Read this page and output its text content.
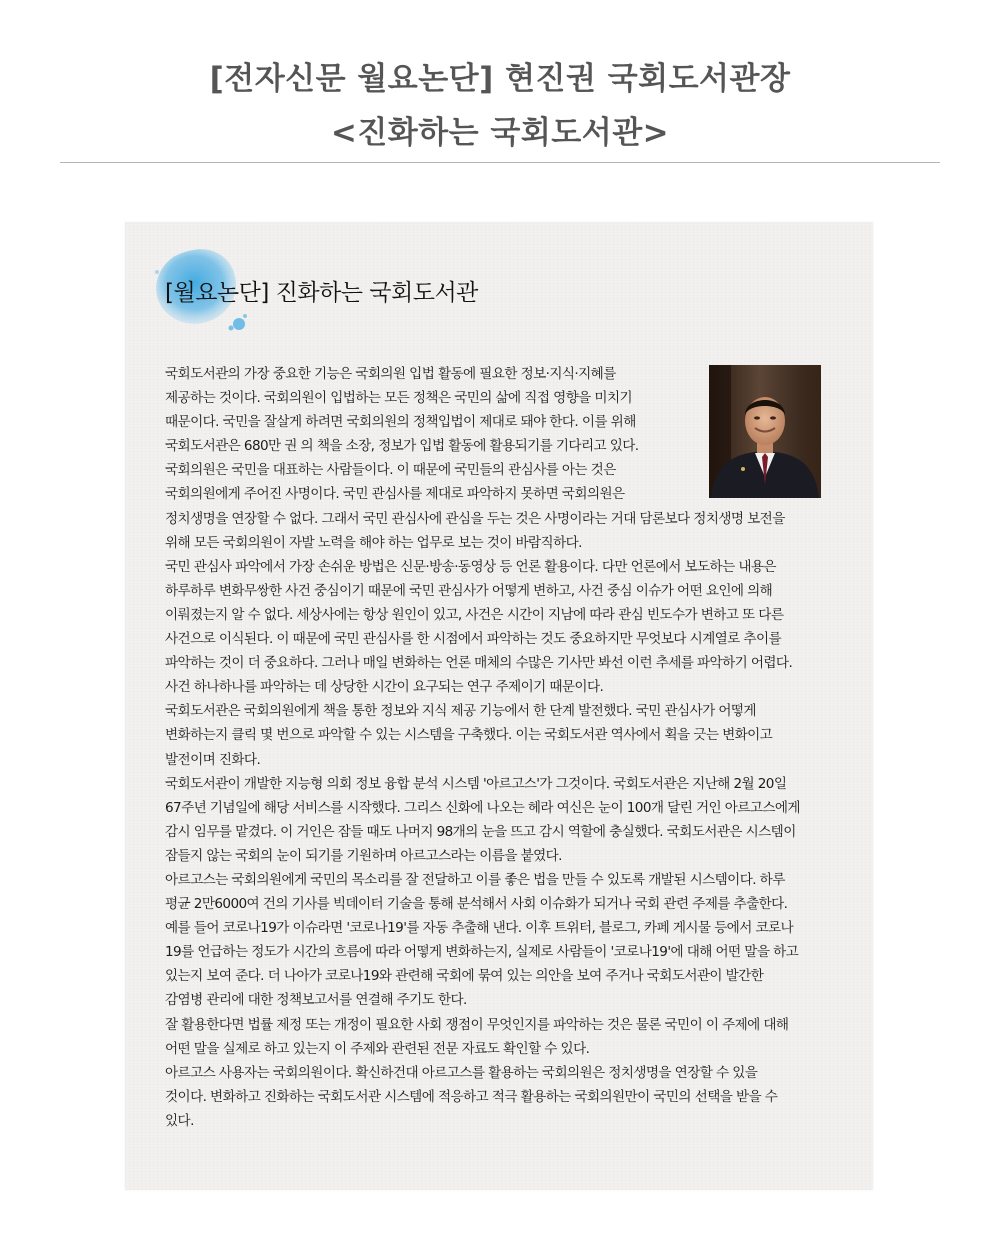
[전자신문 월요논단] 현진권 국회도서관장
<진화하는 국회도서관>
[월요논단] 진화하는 국회도서관

국회도서관의 가장 중요한 기능은 국회의원 입법 활동에 필요한 정보·지식·지혜를
제공하는 것이다. 국회의원이 입법하는 모든 정책은 국민의 삶에 직접 영향을 미치기
때문이다. 국민을 잘살게 하려면 국회의원의 정책입법이 제대로 돼야 한다. 이를 위해
국회도서관은 680만 권 의 책을 소장, 정보가 입법 활동에 활용되기를 기다리고 있다.
국회의원은 국민을 대표하는 사람들이다. 이 때문에 국민들의 관심사를 아는 것은
국회의원에게 주어진 사명이다. 국민 관심사를 제대로 파악하지 못하면 국회의원은
정치생명을 연장할 수 없다. 그래서 국민 관심사에 관심을 두는 것은 사명이라는 거대 담론보다 정치생명 보전을
위해 모든 국회의원이 자발 노력을 해야 하는 업무로 보는 것이 바람직하다.

국민 관심사 파악에서 가장 손쉬운 방법은 신문·방송·동영상 등 언론 활용이다. 다만 언론에서 보도하는 내용은
하루하루 변화무쌍한 사건 중심이기 때문에 국민 관심사가 어떻게 변하고, 사건 중심 이슈가 어떤 요인에 의해
이뤄졌는지 알 수 없다. 세상사에는 항상 원인이 있고, 사건은 시간이 지남에 따라 관심 빈도수가 변하고 또 다른
사건으로 이식된다. 이 때문에 국민 관심사를 한 시점에서 파악하는 것도 중요하지만 무엇보다 시계열로 추이를
파악하는 것이 더 중요하다. 그러나 매일 변화하는 언론 매체의 수많은 기사만 봐선 이런 추세를 파악하기 어렵다.
사건 하나하나를 파악하는 데 상당한 시간이 요구되는 연구 주제이기 때문이다.

국회도서관은 국회의원에게 책을 통한 정보와 지식 제공 기능에서 한 단계 발전했다. 국민 관심사가 어떻게
변화하는지 클릭 몇 번으로 파악할 수 있는 시스템을 구축했다. 이는 국회도서관 역사에서 획을 긋는 변화이고
발전이며 진화다.

국회도서관이 개발한 지능형 의회 정보 융합 분석 시스템 '아르고스'가 그것이다. 국회도서관은 지난해 2월 20일
67주년 기념일에 해당 서비스를 시작했다. 그리스 신화에 나오는 헤라 여신은 눈이 100개 달린 거인 아르고스에게
감시 임무를 맡겼다. 이 거인은 잠들 때도 나머지 98개의 눈을 뜨고 감시 역할에 충실했다. 국회도서관은 시스템이
잠들지 않는 국회의 눈이 되기를 기원하며 아르고스라는 이름을 붙였다.

아르고스는 국회의원에게 국민의 목소리를 잘 전달하고 이를 좋은 법을 만들 수 있도록 개발된 시스템이다. 하루
평균 2만6000여 건의 기사를 빅데이터 기술을 통해 분석해서 사회 이슈화가 되거나 국회 관련 주제를 추출한다.
예를 들어 코로나19가 이슈라면 '코로나19'를 자동 추출해 낸다. 이후 트위터, 블로그, 카페 게시물 등에서 코로나
19를 언급하는 정도가 시간의 흐름에 따라 어떻게 변화하는지, 실제로 사람들이 '코로나19'에 대해 어떤 말을 하고
있는지 보여 준다. 더 나아가 코로나19와 관련해 국회에 묶여 있는 의안을 보여 주거나 국회도서관이 발간한
감염병 관리에 대한 정책보고서를 연결해 주기도 한다.

잘 활용한다면 법률 제정 또는 개정이 필요한 사회 쟁점이 무엇인지를 파악하는 것은 물론 국민이 이 주제에 대해
어떤 말을 실제로 하고 있는지 이 주제와 관련된 전문 자료도 확인할 수 있다.

아르고스 사용자는 국회의원이다. 확신하건대 아르고스를 활용하는 국회의원은 정치생명을 연장할 수 있을
것이다. 변화하고 진화하는 국회도서관 시스템에 적응하고 적극 활용하는 국회의원만이 국민의 선택을 받을 수
있다.
